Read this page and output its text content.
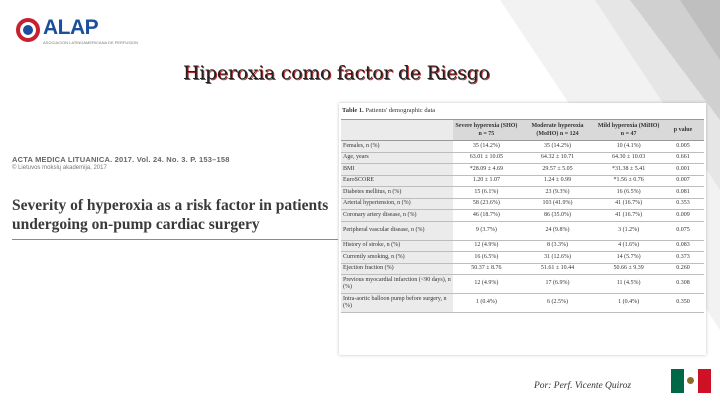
ALAP
ASOCIACION LATINOAMERICANA DE PERFUSION
Hiperoxia como factor de Riesgo
ACTA MEDICA LITUANICA. 2017. Vol. 24. No. 3. P. 153–158
© Lietuvos mokslų akademija, 2017
Severity of hyperoxia as a risk factor in patients undergoing on-pump cardiac surgery
Table 1. Patients' demographic data
	Severe hyperoxia (SHO) n = 75	Moderate hyperoxia (MoHO) n = 124	Mild hyperoxia (MiHO) n = 47	p value
Females, n (%)	35 (14.2%)	35 (14.2%)	10 (4.1%)	0.005
Age, years	63.01 ± 10.05	64.32 ± 10.71	64.30 ± 10.03	0.661
BMI	*28.09 ± 4.69	29.57 ± 5.05	*31.38 ± 5.41	0.001
EuroSCORE	1.20 ± 1.07	1.24 ± 0.99	*1.56 ± 0.76	0.007
Diabetes mellitus, n (%)	15 (6.1%)	23 (9.3%)	16 (6.5%)	0.081
Arterial hypertension, n (%)	58 (23.6%)	103 (41.9%)	41 (16.7%)	0.353
Coronary artery disease, n (%)	46 (18.7%)	86 (35.0%)	41 (16.7%)	0.009
Peripheral vascular disease, n (%)	9 (3.7%)	24 (9.8%)	3 (1.2%)	0.075
History of stroke, n (%)	12 (4.9%)	8 (3.3%)	4 (1.6%)	0.083
Currently smoking, n (%)	16 (6.5%)	31 (12.6%)	14 (5.7%)	0.373
Ejection fraction (%)	50.37 ± 8.76	51.61 ± 10.44	50.66 ± 9.39	0.260
Previous myocardial infarction (<90 days), n (%)	12 (4.9%)	17 (6.9%)	11 (4.5%)	0.308
Intra-aortic balloon pump before surgery, n (%)	1 (0.4%)	6 (2.5%)	1 (0.4%)	0.350
Por: Perf. Vicente Quiroz
